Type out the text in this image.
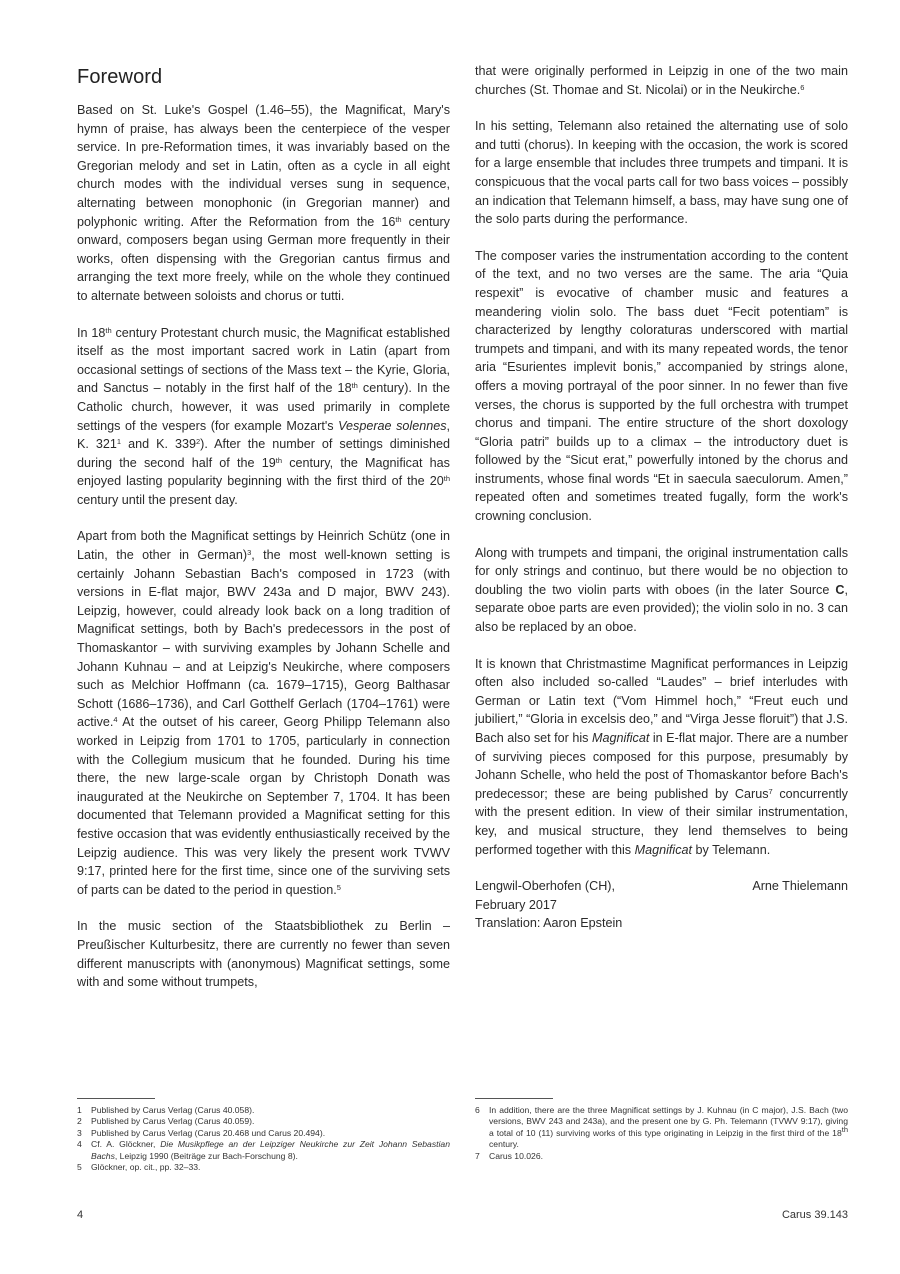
Foreword

Based on St. Luke's Gospel (1.46–55), the Magnificat, Mary's hymn of praise, has always been the centerpiece of the vesper service. In pre-Reformation times, it was invariably based on the Gregorian melody and set in Latin, often as a cycle in all eight church modes with the individual verses sung in sequence, alternating between monophonic (in Gregorian manner) and polyphonic writing. After the Reformation from the 16th century onward, composers began using German more frequently in their works, often dispensing with the Gregorian cantus firmus and arranging the text more freely, while on the whole they continued to alternate between soloists and chorus or tutti.

In 18th century Protestant church music, the Magnificat established itself as the most important sacred work in Latin (apart from occasional settings of sections of the Mass text – the Kyrie, Gloria, and Sanctus – notably in the first half of the 18th century). In the Catholic church, however, it was used primarily in complete settings of the vespers (for example Mozart's Vesperae solennes, K. $321^1$ and K. $339^2$). After the number of settings diminished during the second half of the 19th century, the Magnificat has enjoyed lasting popularity beginning with the first third of the 20th century until the present day.

Apart from both the Magnificat settings by Heinrich Schütz (one in Latin, the other in German)$^3$, the most well-known setting is certainly Johann Sebastian Bach's composed in 1723 (with versions in E-flat major, BWV 243a and D major, BWV 243). Leipzig, however, could already look back on a long tradition of Magnificat settings, both by Bach's predecessors in the post of Thomaskantor – with surviving examples by Johann Schelle and Johann Kuhnau – and at Leipzig's Neukirche, where composers such as Melchior Hoffmann (ca. 1679–1715), Georg Balthasar Schott (1686–1736), and Carl Gotthelf Gerlach (1704–1761) were active.$^4$ At the outset of his career, Georg Philipp Telemann also worked in Leipzig from 1701 to 1705, particularly in connection with the Collegium musicum that he founded. During his time there, the new large-scale organ by Christoph Donath was inaugurated at the Neukirche on September 7, 1704. It has been documented that Telemann provided a Magnificat setting for this festive occasion that was evidently enthusiastically received by the Leipzig audience. This was very likely the present work TVWV 9:17, printed here for the first time, since one of the surviving sets of parts can be dated to the period in question.$^5$

In the music section of the Staatsbibliothek zu Berlin – Preußischer Kulturbesitz, there are currently no fewer than seven different manuscripts with (anonymous) Magnificat settings, some with and some without trumpets,

that were originally performed in Leipzig in one of the two main churches (St. Thomae and St. Nicolai) or in the Neukirche.$^6$

In his setting, Telemann also retained the alternating use of solo and tutti (chorus). In keeping with the occasion, the work is scored for a large ensemble that includes three trumpets and timpani. It is conspicuous that the vocal parts call for two bass voices – possibly an indication that Telemann himself, a bass, may have sung one of the solo parts during the performance.

The composer varies the instrumentation according to the content of the text, and no two verses are the same. The aria “Quia respexit” is evocative of chamber music and features a meandering violin solo. The bass duet “Fecit potentiam” is characterized by lengthy coloraturas underscored with martial trumpets and timpani, and with its many repeated words, the tenor aria “Esurientes implevit bonis,” accompanied by strings alone, offers a moving portrayal of the poor sinner. In no fewer than five verses, the chorus is supported by the full orchestra with trumpet chorus and timpani. The entire structure of the short doxology “Gloria patri” builds up to a climax – the introductory duet is followed by the “Sicut erat,” powerfully intoned by the chorus and instruments, whose final words “Et in saecula saeculorum. Amen,” repeated often and sometimes treated fugally, form the work's crowning conclusion.

Along with trumpets and timpani, the original instrumentation calls for only strings and continuo, but there would be no objection to doubling the two violin parts with oboes (in the later Source C, separate oboe parts are even provided); the violin solo in no. 3 can also be replaced by an oboe.

It is known that Christmastime Magnificat performances in Leipzig often also included so-called “Laudes” – brief interludes with German or Latin text (“Vom Himmel hoch,” “Freut euch und jubiliert,” “Gloria in excelsis deo,” and “Virga Jesse floruit”) that J.S. Bach also set for his Magnificat in E-flat major. There are a number of surviving pieces composed for this purpose, presumably by Johann Schelle, who held the post of Thomaskantor before Bach's predecessor; these are being published by Carus$^7$ concurrently with the present edition. In view of their similar instrumentation, key, and musical structure, they lend themselves to being performed together with this Magnificat by Telemann.

Lengwil-Oberhofen (CH),	Arne Thielemann
February 2017
Translation: Aaron Epstein
1	Published by Carus Verlag (Carus 40.058).
2	Published by Carus Verlag (Carus 40.059).
3	Published by Carus Verlag (Carus 20.468 und Carus 20.494).
4	Cf. A. Glöckner, Die Musikpflege an der Leipziger Neukirche zur Zeit Johann Sebastian Bachs, Leipzig 1990 (Beiträge zur Bach-Forschung 8).
5	Glöckner, op. cit., pp. 32–33.
6	In addition, there are the three Magnificat settings by J. Kuhnau (in C major), J.S. Bach (two versions, BWV 243 and 243a), and the present one by G. Ph. Telemann (TVWV 9:17), giving a total of 10 (11) surviving works of this type originating in Leipzig in the first third of the 18th century.
7	Carus 10.026.
4	Carus 39.143
